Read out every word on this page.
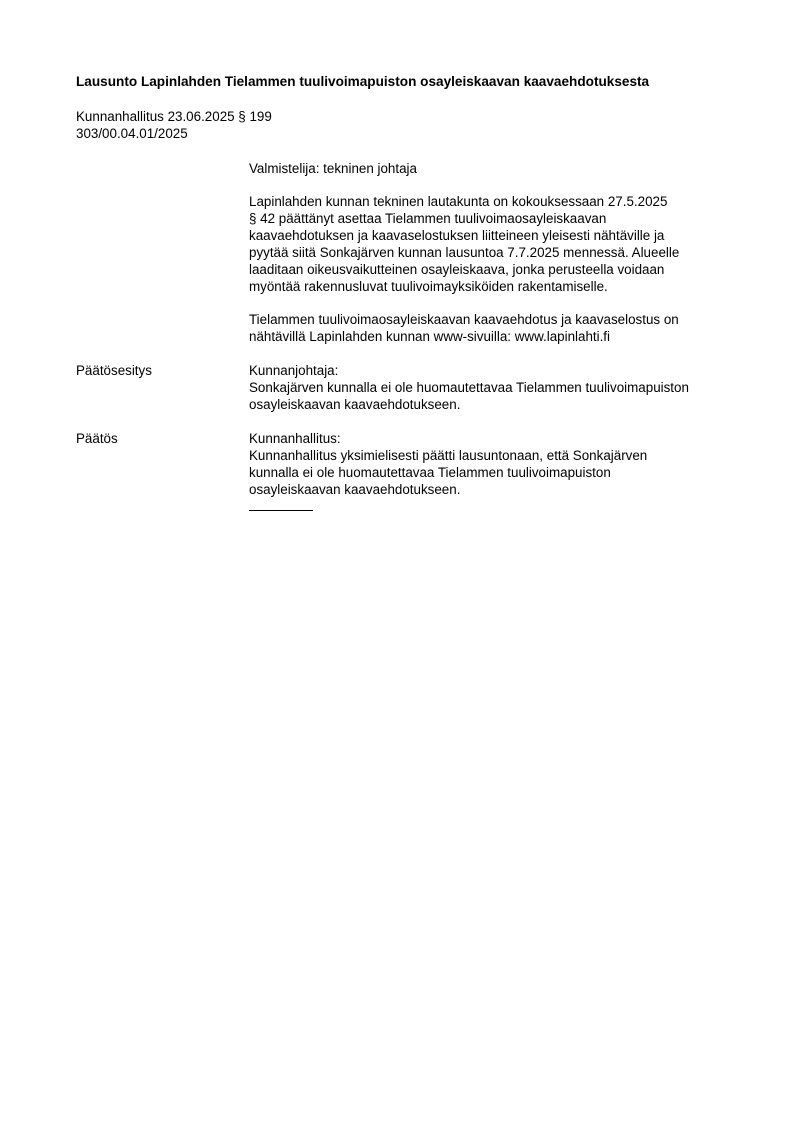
Lausunto Lapinlahden Tielammen tuulivoimapuiston osayleiskaavan kaavaehdotuksesta
Kunnanhallitus 23.06.2025 § 199
303/00.04.01/2025
Valmistelija: tekninen johtaja
Lapinlahden kunnan tekninen lautakunta on kokouksessaan 27.5.2025
§ 42 päättänyt asettaa Tielammen tuulivoimaosayleiskaavan
kaavaehdotuksen ja kaavaselostuksen liitteineen yleisesti nähtäville ja
pyytää siitä Sonkajärven kunnan lausuntoa 7.7.2025 mennessä. Alueelle
laaditaan oikeusvaikutteinen osayleiskaava, jonka perusteella voidaan
myöntää rakennusluvat tuulivoimayksiköiden rakentamiselle.
Tielammen tuulivoimaosayleiskaavan kaavaehdotus ja kaavaselostus on
nähtävillä Lapinlahden kunnan www-sivuilla: www.lapinlahti.fi
Päätösesitys	Kunnanjohtaja:
Sonkajärven kunnalla ei ole huomautettavaa Tielammen tuulivoimapuiston
osayleiskaavan kaavaehdotukseen.
Päätös	Kunnanhallitus:
Kunnanhallitus yksimielisesti päätti lausuntonaan, että Sonkajärven
kunnalla ei ole huomautettavaa Tielammen tuulivoimapuiston
osayleiskaavan kaavaehdotukseen.
